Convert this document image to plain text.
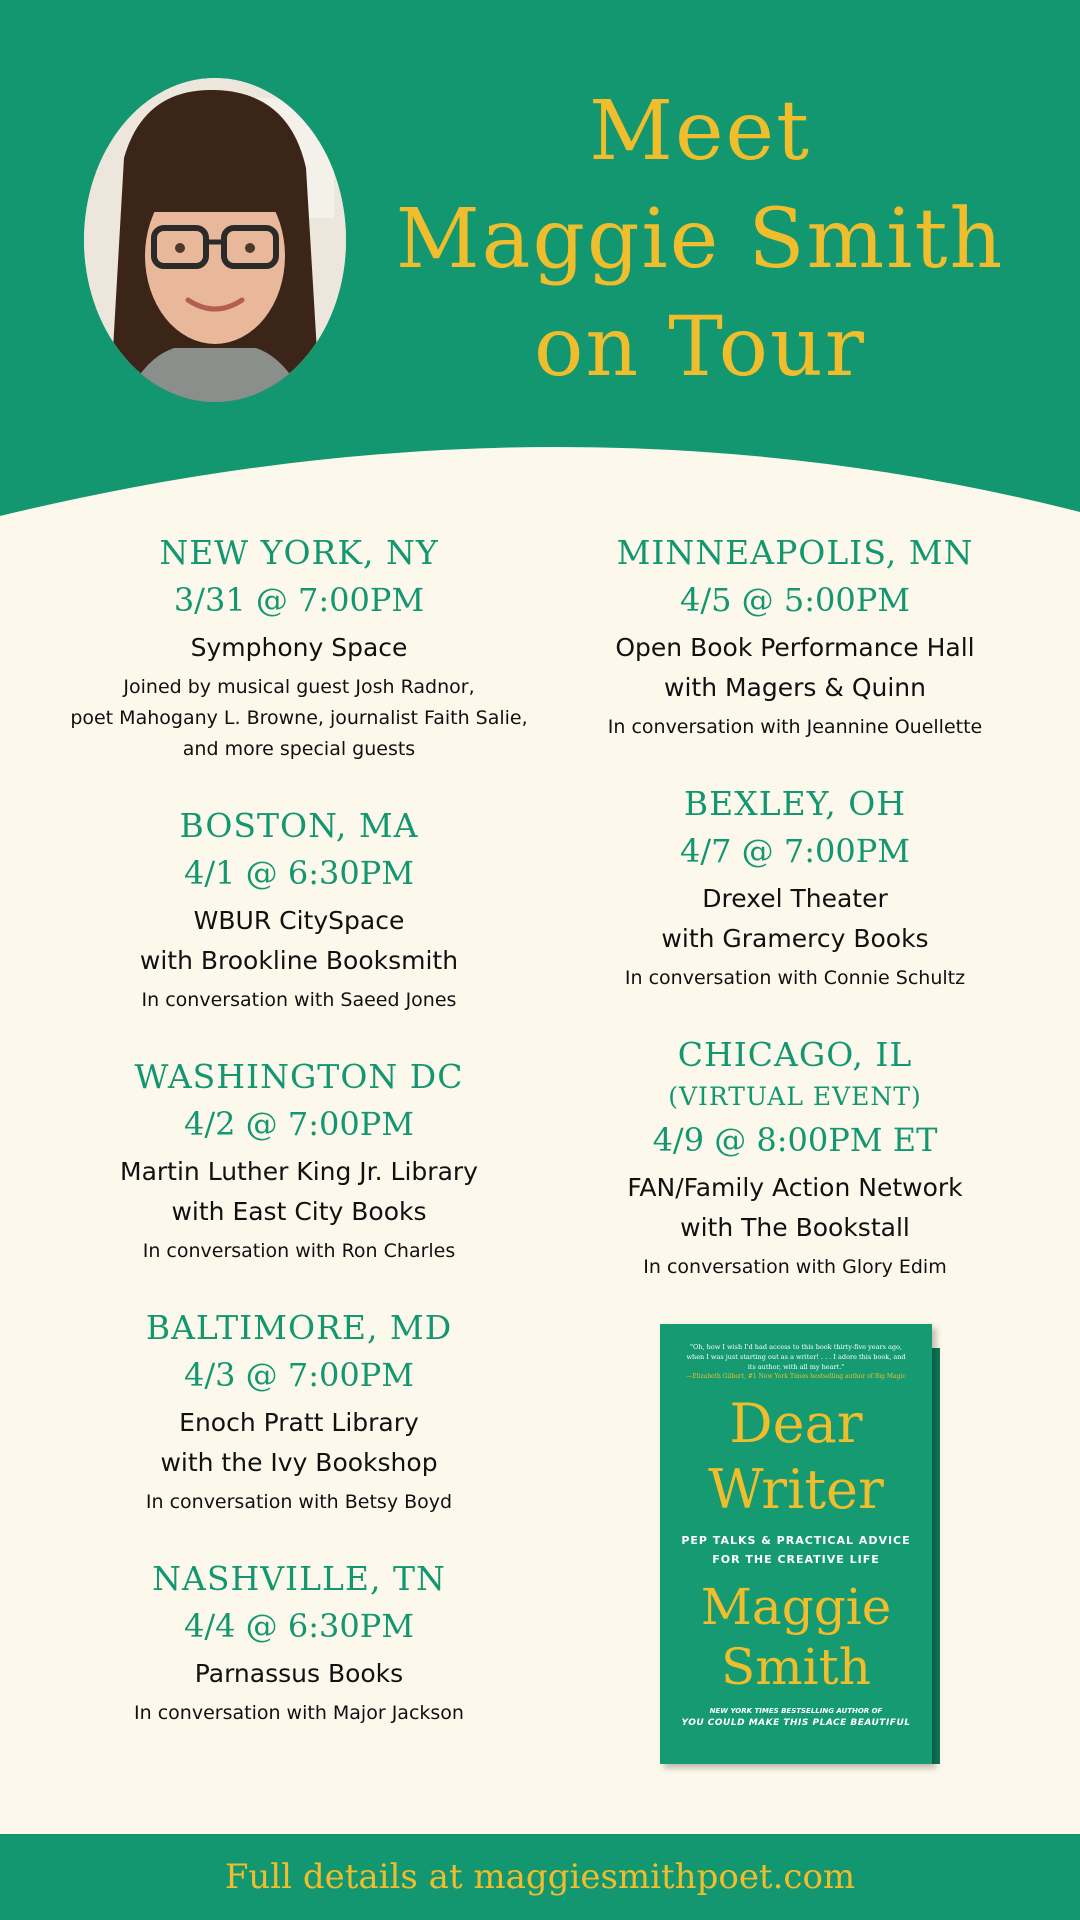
Meet
Maggie Smith
on Tour
NEW YORK, NY
3/31 @ 7:00PM
Symphony Space
Joined by musical guest Josh Radnor,
poet Mahogany L. Browne, journalist Faith Salie,
and more special guests
BOSTON, MA
4/1 @ 6:30PM
WBUR CitySpace
with Brookline Booksmith
In conversation with Saeed Jones
WASHINGTON DC
4/2 @ 7:00PM
Martin Luther King Jr. Library
with East City Books
In conversation with Ron Charles
BALTIMORE, MD
4/3 @ 7:00PM
Enoch Pratt Library
with the Ivy Bookshop
In conversation with Betsy Boyd
NASHVILLE, TN
4/4 @ 6:30PM
Parnassus Books
In conversation with Major Jackson
MINNEAPOLIS, MN
4/5 @ 5:00PM
Open Book Performance Hall
with Magers & Quinn
In conversation with Jeannine Ouellette
BEXLEY, OH
4/7 @ 7:00PM
Drexel Theater
with Gramercy Books
In conversation with Connie Schultz
CHICAGO, IL
(VIRTUAL EVENT)
4/9 @ 8:00PM ET
FAN/Family Action Network
with The Bookstall
In conversation with Glory Edim
"Oh, how I wish I'd had access to this book thirty-five years ago, when I was just starting out as a writer! . . . I adore this book, and its author, with all my heart."
—Elizabeth Gilbert, #1 New York Times bestselling author of Big Magic
Dear
Writer
PEP TALKS & PRACTICAL ADVICE
FOR THE CREATIVE LIFE
Maggie
Smith
NEW YORK TIMES BESTSELLING AUTHOR OF
YOU COULD MAKE THIS PLACE BEAUTIFUL
Full details at maggiesmithpoet.com
